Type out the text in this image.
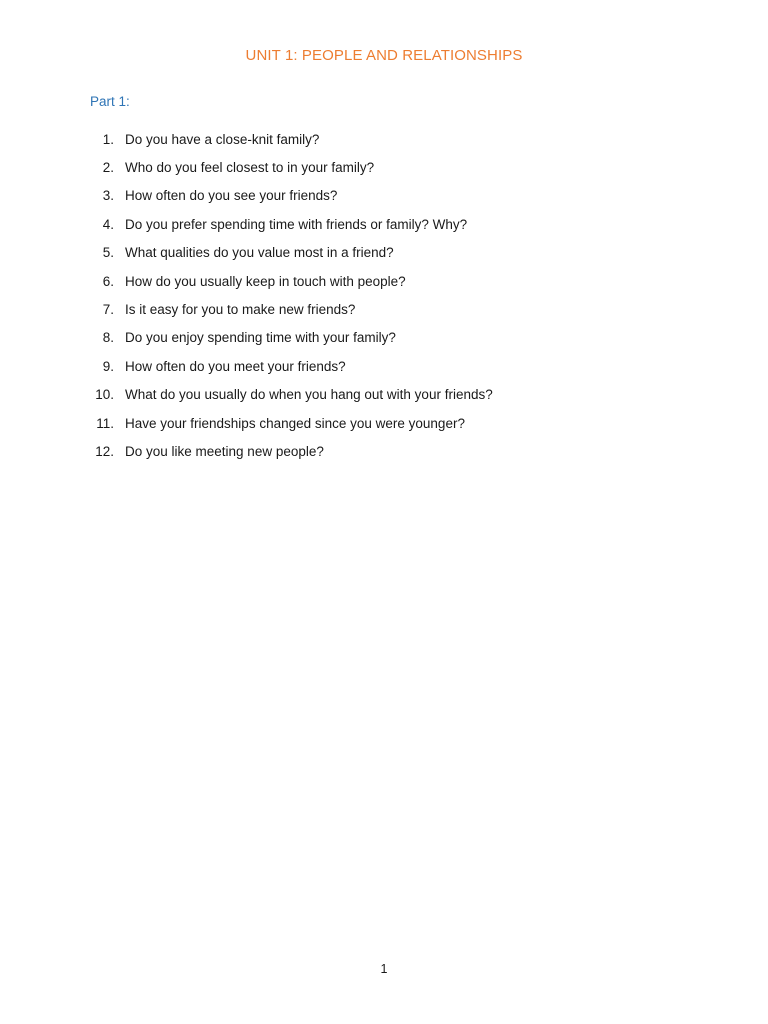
UNIT 1: PEOPLE AND RELATIONSHIPS
Part 1:
1. Do you have a close-knit family?
2. Who do you feel closest to in your family?
3. How often do you see your friends?
4. Do you prefer spending time with friends or family? Why?
5. What qualities do you value most in a friend?
6. How do you usually keep in touch with people?
7. Is it easy for you to make new friends?
8. Do you enjoy spending time with your family?
9. How often do you meet your friends?
10. What do you usually do when you hang out with your friends?
11. Have your friendships changed since you were younger?
12. Do you like meeting new people?
1
